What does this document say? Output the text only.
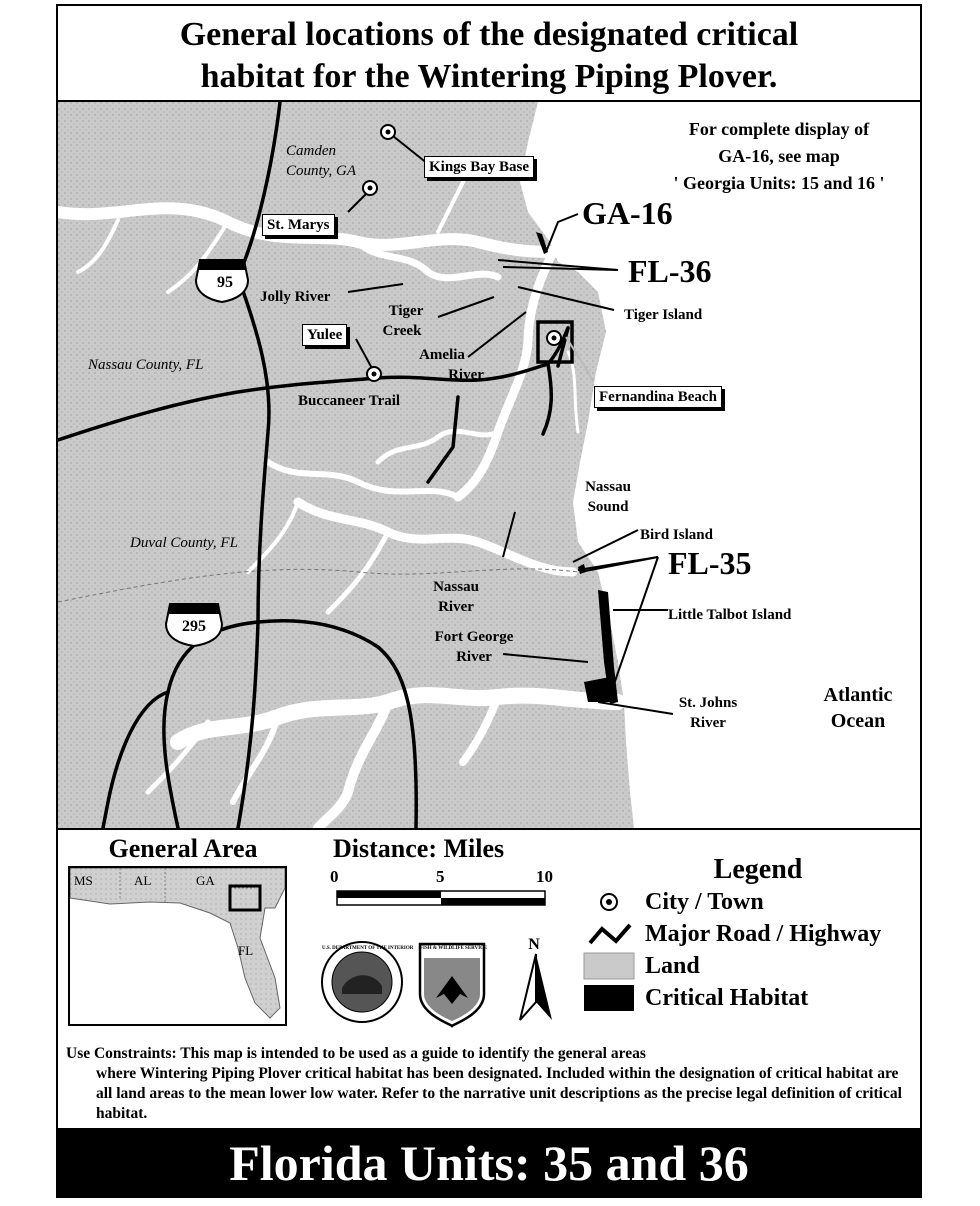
General locations of the designated critical
habitat for the Wintering Piping Plover.
Camden
County, GA
Nassau County, FL
Duval County, FL
Kings Bay Base
St. Marys
Yulee
Fernandina Beach
95
295
Jolly River
Tiger
Creek
Amelia
River
Buccaneer Trail
Tiger Island
Nassau
Sound
Bird Island
Nassau
River
Fort George
River
Little Talbot Island
St. Johns
River
Atlantic
Ocean
GA-16
FL-36
FL-35
For complete display of
GA-16, see map
' Georgia Units: 15 and 16 '
General Area
MS	AL	GA
FL
Distance: Miles
0	5	10
U.S. DEPARTMENT OF THE INTERIOR FISH & WILDLIFE SERVICE	N
Legend
City / Town
Major Road / Highway
Land
Critical Habitat
Use Constraints: This map is intended to be used as a guide to identify the general areas
where Wintering Piping Plover critical habitat has been designated. Included within the designation of critical habitat are all land areas to the mean lower low water. Refer to the narrative unit descriptions as the precise legal definition of critical habitat.
Florida Units: 35 and 36
